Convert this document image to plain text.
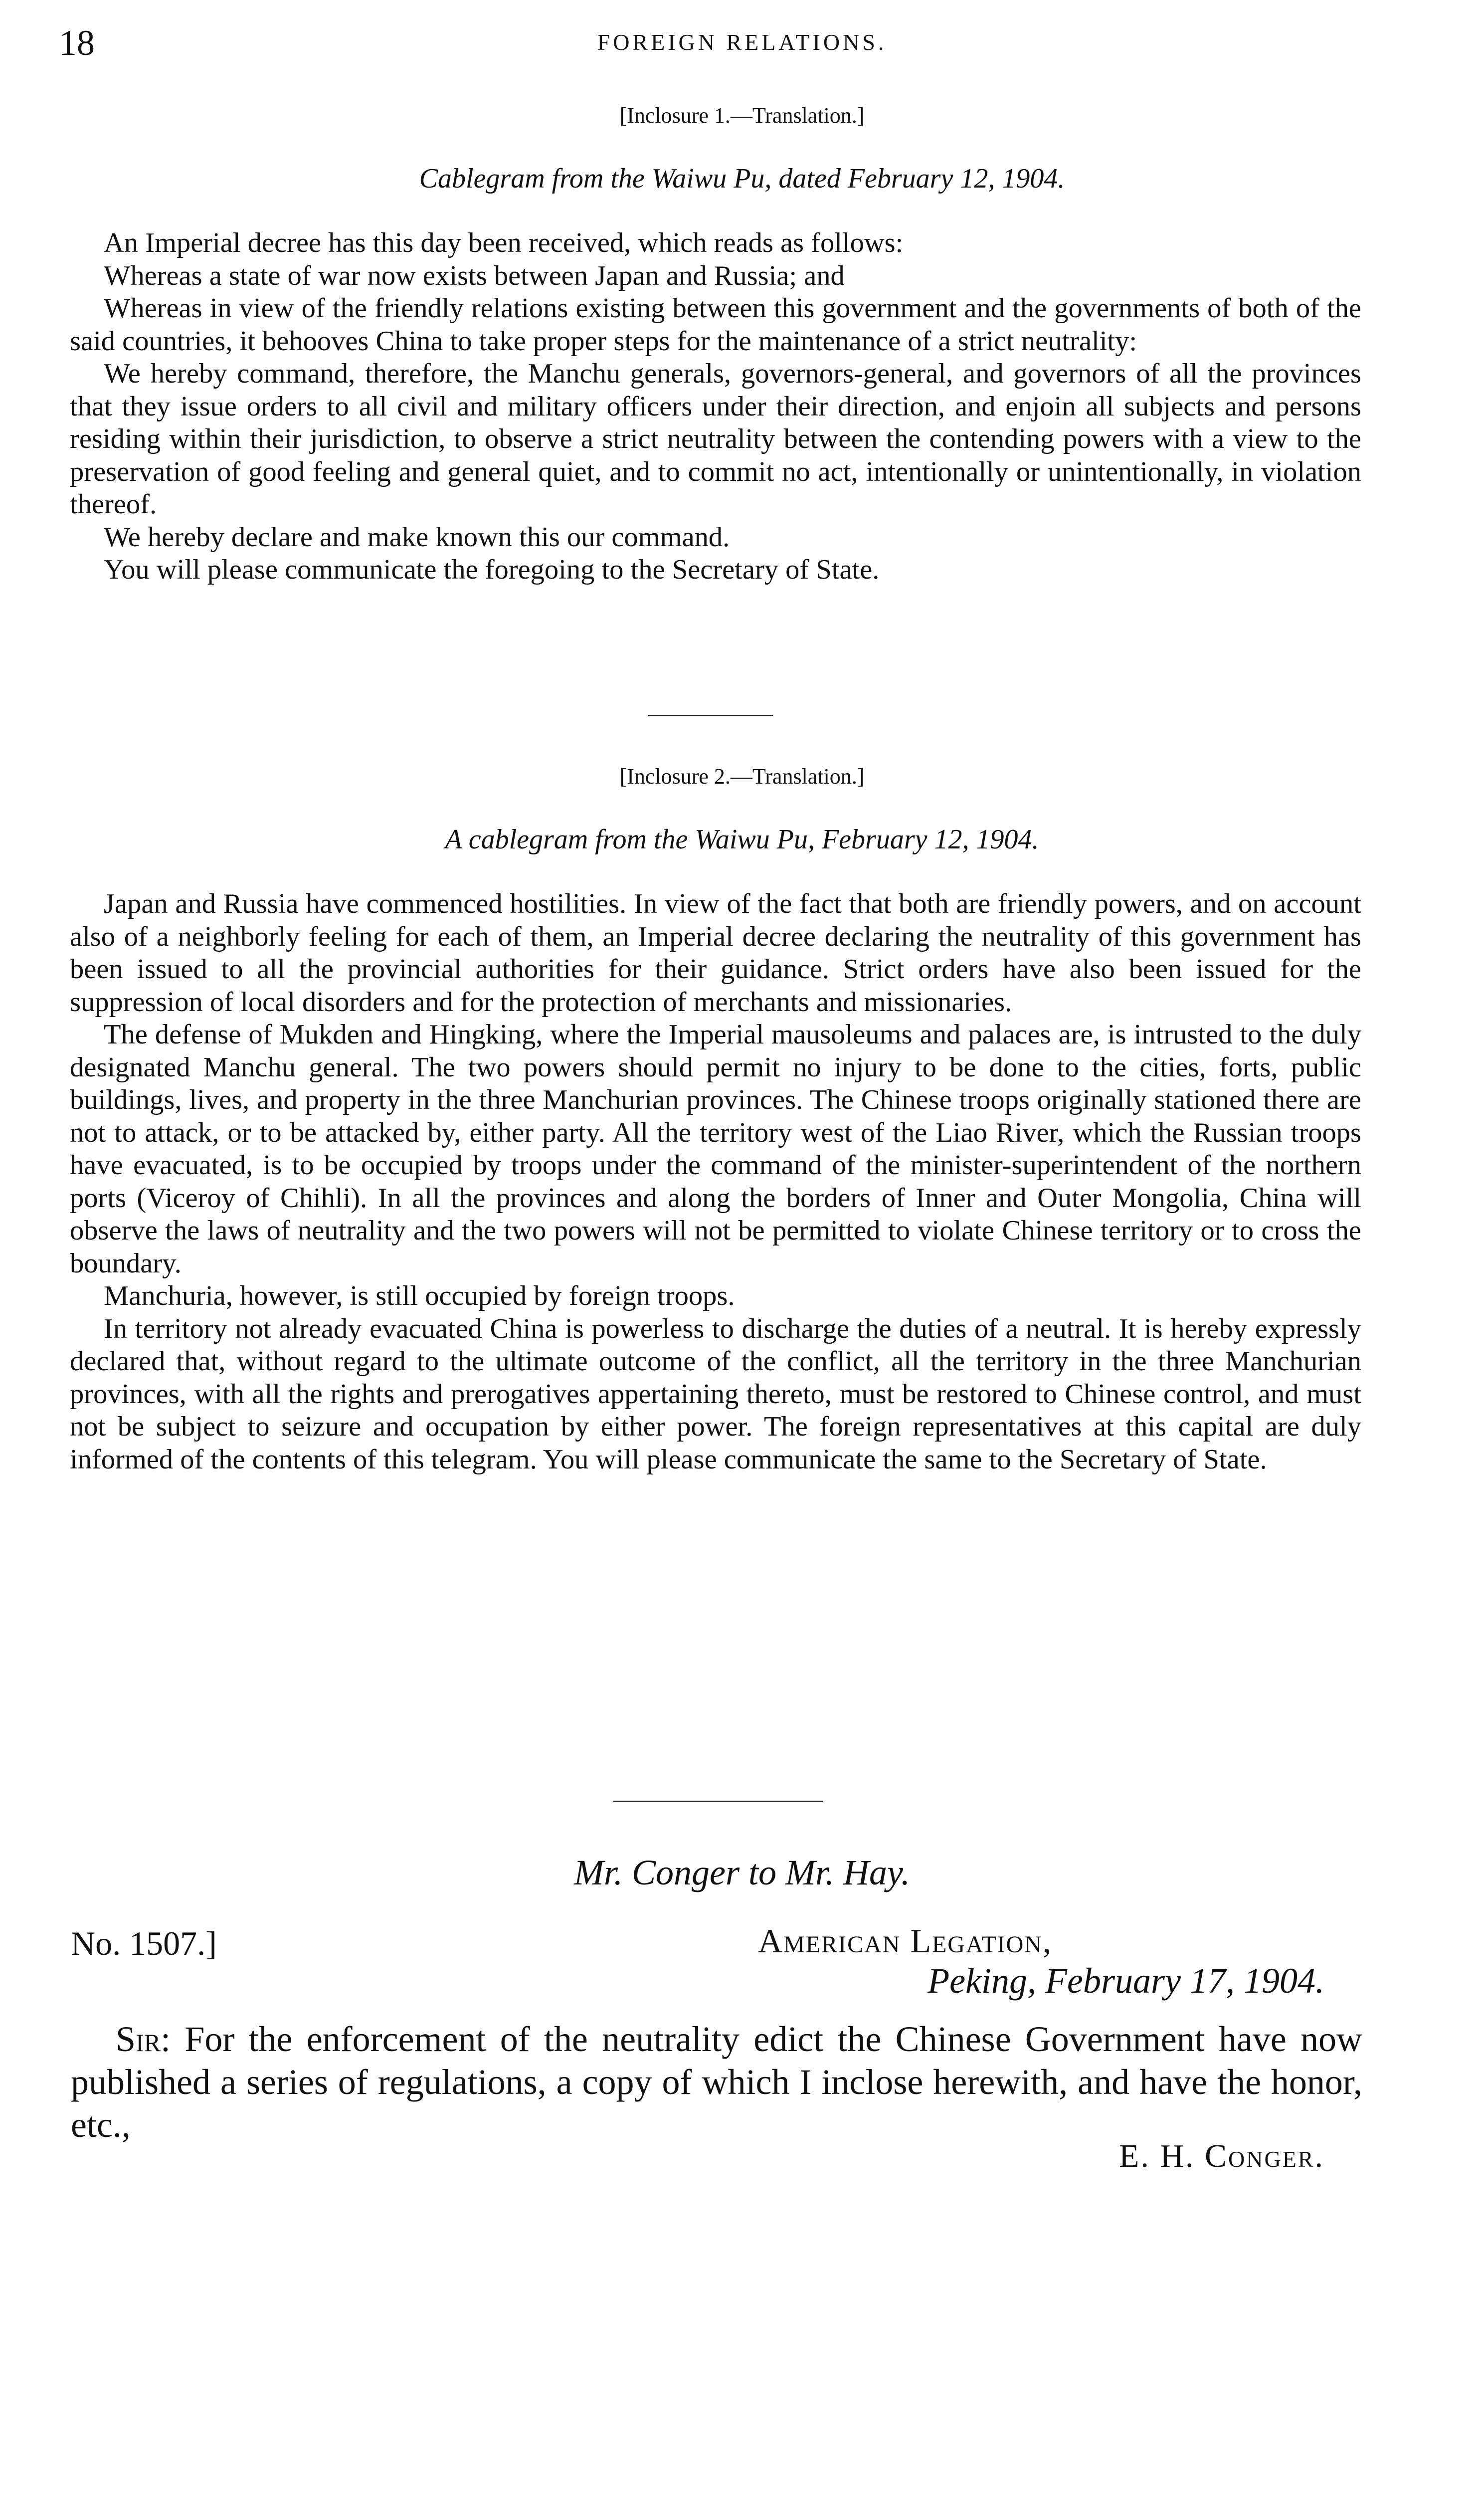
18	FOREIGN RELATIONS.
[Inclosure 1.—Translation.]
Cablegram from the Waiwu Pu, dated February 12, 1904.

An Imperial decree has this day been received, which reads as follows:

Whereas a state of war now exists between Japan and Russia; and

Whereas in view of the friendly relations existing between this government and the governments of both of the said countries, it behooves China to take proper steps for the maintenance of a strict neutrality:

We hereby command, therefore, the Manchu generals, governors-general, and governors of all the provinces that they issue orders to all civil and military officers under their direction, and enjoin all subjects and persons residing within their jurisdiction, to observe a strict neutrality between the contending powers with a view to the preservation of good feeling and general quiet, and to commit no act, intentionally or unintentionally, in violation thereof.

We hereby declare and make known this our command.

You will please communicate the foregoing to the Secretary of State.

[Inclosure 2.—Translation.]
A cablegram from the Waiwu Pu, February 12, 1904.

Japan and Russia have commenced hostilities. In view of the fact that both are friendly powers, and on account also of a neighborly feeling for each of them, an Imperial decree declaring the neutrality of this government has been issued to all the provincial authorities for their guidance. Strict orders have also been issued for the suppression of local disorders and for the protection of merchants and missionaries.

The defense of Mukden and Hingking, where the Imperial mausoleums and palaces are, is intrusted to the duly designated Manchu general. The two powers should permit no injury to be done to the cities, forts, public buildings, lives, and property in the three Manchurian provinces. The Chinese troops originally stationed there are not to attack, or to be attacked by, either party. All the territory west of the Liao River, which the Russian troops have evacuated, is to be occupied by troops under the command of the minister-superintendent of the northern ports (Viceroy of Chihli). In all the provinces and along the borders of Inner and Outer Mongolia, China will observe the laws of neutrality and the two powers will not be permitted to violate Chinese territory or to cross the boundary.

Manchuria, however, is still occupied by foreign troops.

In territory not already evacuated China is powerless to discharge the duties of a neutral. It is hereby expressly declared that, without regard to the ultimate outcome of the conflict, all the territory in the three Manchurian provinces, with all the rights and prerogatives appertaining thereto, must be restored to Chinese control, and must not be subject to seizure and occupation by either power. The foreign representatives at this capital are duly informed of the contents of this telegram. You will please communicate the same to the Secretary of State.

Mr. Conger to Mr. Hay.
No. 1507.]	American Legation,
Peking, February 17, 1904.

Sir: For the enforcement of the neutrality edict the Chinese Government have now published a series of regulations, a copy of which I inclose herewith, and have the honor, etc.,

E. H. Conger.
